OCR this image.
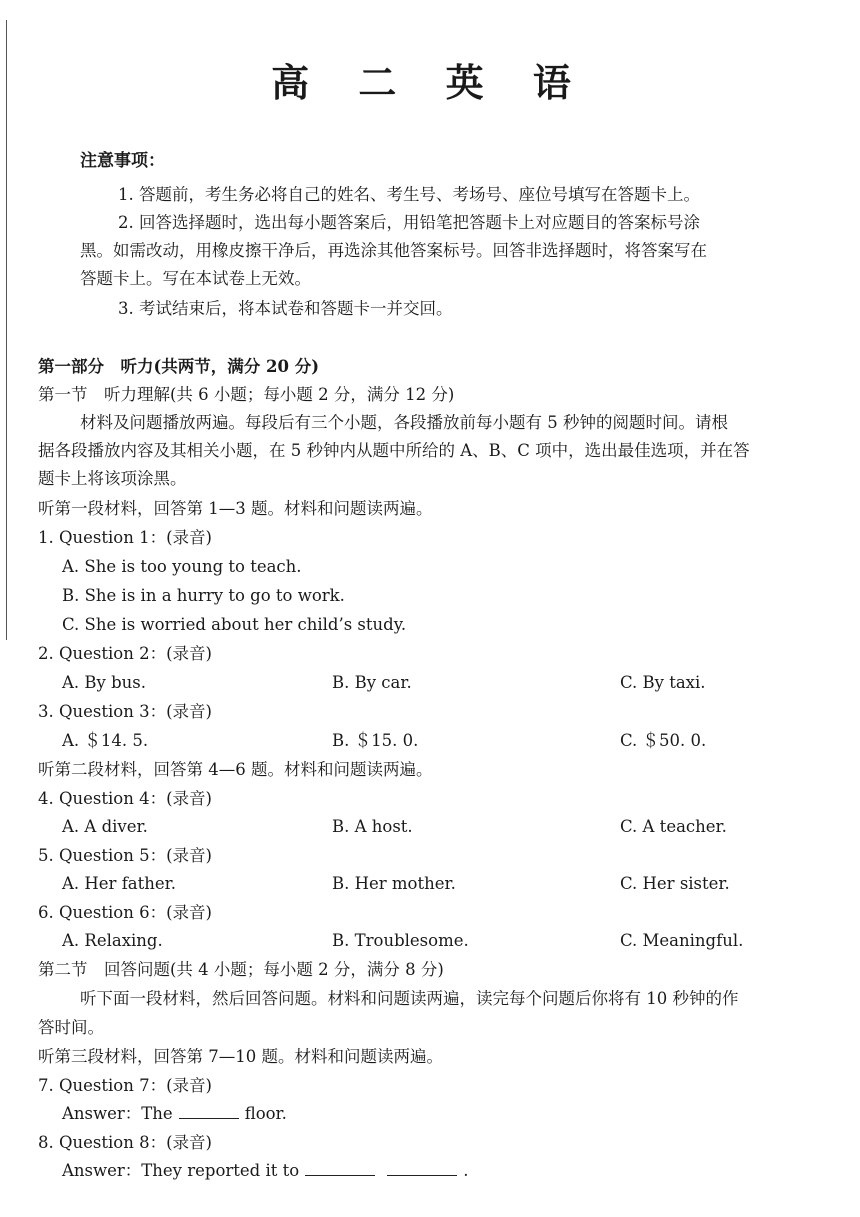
高 二 英 语
注意事项：
1. 答题前，考生务必将自己的姓名、考生号、考场号、座位号填写在答题卡上。
2. 回答选择题时，选出每小题答案后，用铅笔把答题卡上对应题目的答案标号涂
黑。如需改动，用橡皮擦干净后，再选涂其他答案标号。回答非选择题时，将答案写在
答题卡上。写在本试卷上无效。
3. 考试结束后，将本试卷和答题卡一并交回。
第一部分　听力(共两节，满分 20 分)
第一节　听力理解(共 6 小题；每小题 2 分，满分 12 分)
材料及问题播放两遍。每段后有三个小题，各段播放前每小题有 5 秒钟的阅题时间。请根
据各段播放内容及其相关小题，在 5 秒钟内从题中所给的 A、B、C 项中，选出最佳选项，并在答
题卡上将该项涂黑。
听第一段材料，回答第 1—3 题。材料和问题读两遍。
1. Question 1：(录音)
A. She is too young to teach.
B. She is in a hurry to go to work.
C. She is worried about her child’s study.
2. Question 2：(录音)
A. By bus.	B. By car.	C. By taxi.
3. Question 3：(录音)
A. ＄14. 5.	B. ＄15. 0.	C. ＄50. 0.
听第二段材料，回答第 4—6 题。材料和问题读两遍。
4. Question 4：(录音)
A. A diver.	B. A host.	C. A teacher.
5. Question 5：(录音)
A. Her father.	B. Her mother.	C. Her sister.
6. Question 6：(录音)
A. Relaxing.	B. Troublesome.	C. Meaningful.
第二节　回答问题(共 4 小题；每小题 2 分，满分 8 分)
听下面一段材料，然后回答问题。材料和问题读两遍，读完每个问题后你将有 10 秒钟的作
答时间。
听第三段材料，回答第 7—10 题。材料和问题读两遍。
7. Question 7：(录音)
Answer：The	floor.
8. Question 8：(录音)
Answer：They reported it to	.
